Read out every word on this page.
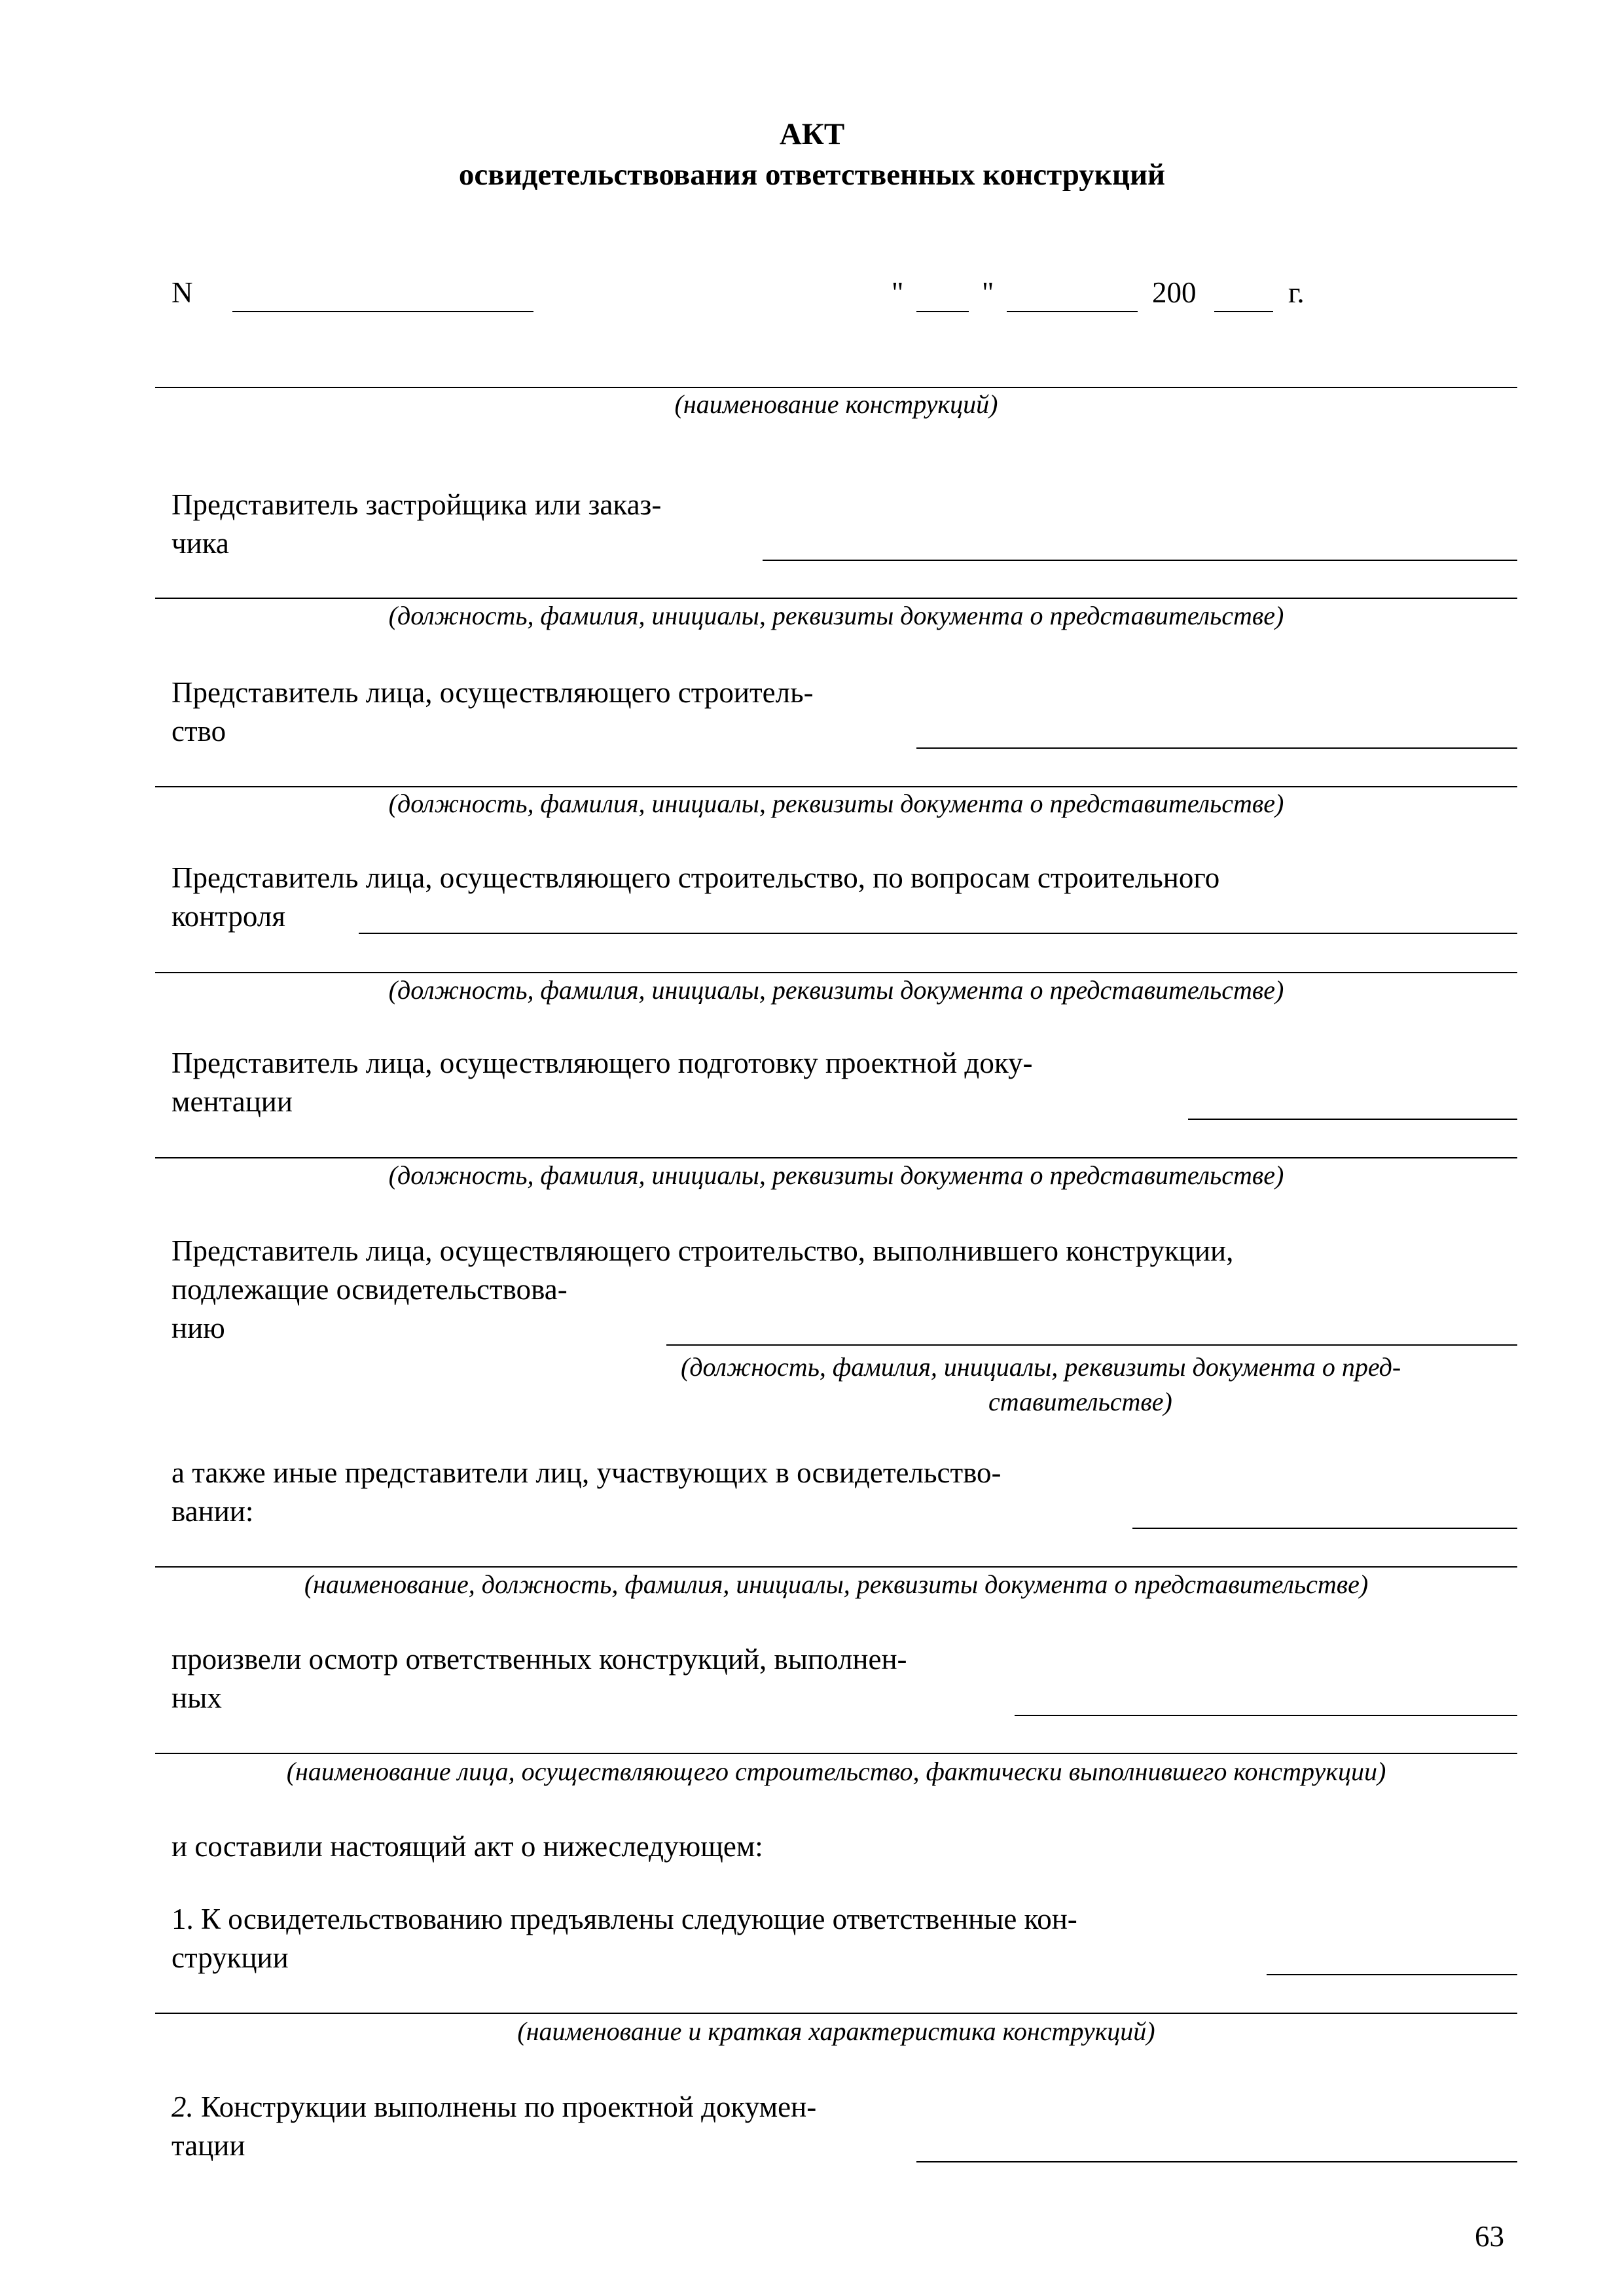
АКТ
освидетельствования ответственных конструкций
N	"	"	200	г.
(наименование конструкций)
Представитель застройщика или заказ-
чика
(должность, фамилия, инициалы, реквизиты документа о представительстве)
Представитель лица, осуществляющего строитель-
ство
(должность, фамилия, инициалы, реквизиты документа о представительстве)
Представитель лица, осуществляющего строительство, по вопросам строительного
контроля
(должность, фамилия, инициалы, реквизиты документа о представительстве)
Представитель лица, осуществляющего подготовку проектной доку-
ментации
(должность, фамилия, инициалы, реквизиты документа о представительстве)
Представитель лица, осуществляющего строительство, выполнившего конструкции,
подлежащие освидетельствова-
нию
(должность, фамилия, инициалы, реквизиты документа о пред-
ставительстве)
а также иные представители лиц, участвующих в освидетельство-
вании:
(наименование, должность, фамилия, инициалы, реквизиты документа о представительстве)
произвели осмотр ответственных конструкций, выполнен-
ных
(наименование лица, осуществляющего строительство, фактически выполнившего конструкции)
и составили настоящий акт о нижеследующем:
1. К освидетельствованию предъявлены следующие ответственные кон-
струкции
(наименование и краткая характеристика конструкций)
2. Конструкции выполнены по проектной докумен-
тации
63
